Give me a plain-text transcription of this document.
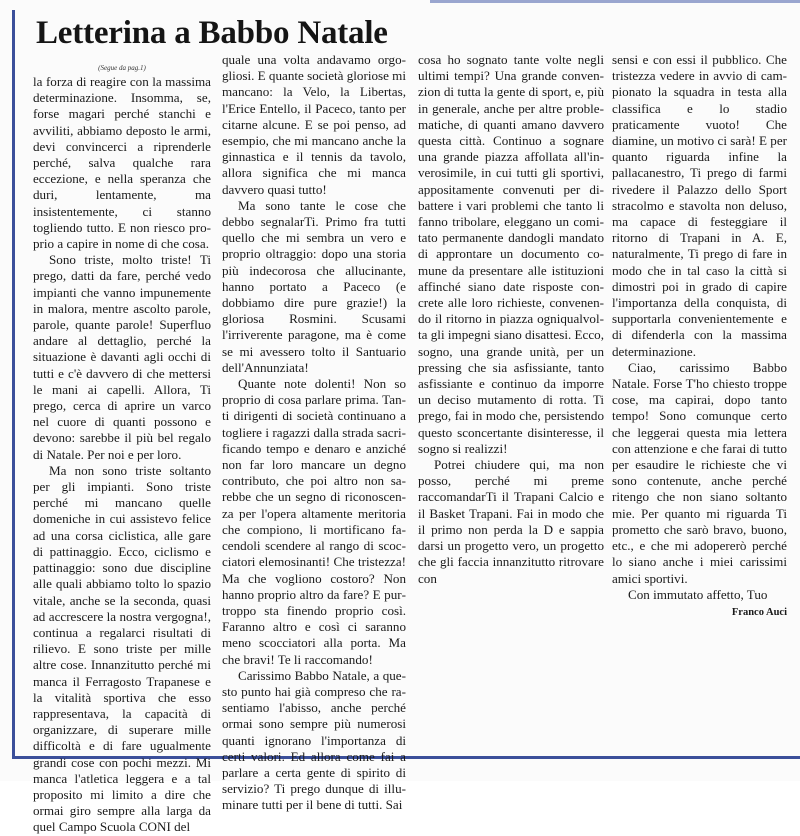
Letterina a Babbo Natale
(Segue da pag.1)

la forza di reagire con la massima determinazione. Insomma, se, forse magari perché stanchi e avviliti, abbiamo deposto le armi, devi convincerci a riprenderle perché, salva qualche rara eccezione, e nella speranza che duri, lentamente, ma insistentemente, ci stanno togliendo tutto. E non riesco proprio a capire in nome di che cosa.

Sono triste, molto triste! Ti prego, datti da fare, perché vedo impianti che vanno impunemente in malora, mentre ascolto parole, parole, quante parole! Superfluo andare al dettaglio, perché la situazione è davanti agli occhi di tutti e c'è davvero di che mettersi le mani ai capelli. Allora, Ti prego, cerca di aprire un varco nel cuore di quanti possono e devono: sarebbe il più bel regalo di Natale. Per noi e per loro.

Ma non sono triste soltanto per gli impianti. Sono triste perché mi mancano quelle domeniche in cui assistevo felice ad una corsa ciclistica, alle gare di pattinaggio. Ecco, ciclismo e pattinaggio: sono due discipline alle quali abbiamo tolto lo spazio vitale, anche se la seconda, quasi ad accrescere la nostra vergogna!, continua a regalarci risultati di rilievo. E sono triste per mille altre cose. Innanzitutto perché mi manca il Ferragosto Trapanese e la vitalità sportiva che esso rappresentava, la capacità di organizzare, di superare mille difficoltà e di fare ugualmente grandi cose con pochi mezzi. Mi manca l'atletica leggera e a tal proposito mi limito a dire che ormai giro sempre alla larga da quel Campo Scuola CONI del

quale una volta andavamo orgogliosi. E quante società gloriose mi mancano: la Velo, la Libertas, l'Erice Entello, il Paceco, tanto per citarne alcune. E se poi penso, ad esempio, che mi mancano anche la ginnastica e il tennis da tavolo, allora significa che mi manca davvero quasi tutto!

Ma sono tante le cose che debbo segnalarTi. Primo fra tutti quello che mi sembra un vero e proprio oltraggio: dopo una storia più indecorosa che allucinante, hanno portato a Paceco (e dobbiamo dire pure grazie!) la gloriosa Rosmini. Scusami l'irriverente paragone, ma è come se mi avessero tolto il Santuario dell'Annunziata!

Quante note dolenti! Non so proprio di cosa parlare prima. Tanti dirigenti di società continuano a togliere i ragazzi dalla strada sacrificando tempo e denaro e anziché non far loro mancare un degno contributo, che poi altro non sarebbe che un segno di riconoscenza per l'opera altamente meritoria che compiono, li mortificano facendoli scendere al rango di scocciatori elemosinanti! Che tristezza! Ma che vogliono costoro? Non hanno proprio altro da fare? E purtroppo sta finendo proprio così. Faranno altro e così ci saranno meno scocciatori alla porta. Ma che bravi! Te li raccomando!

Carissimo Babbo Natale, a questo punto hai già compreso che rasentiamo l'abisso, anche perché ormai sono sempre più numerosi quanti ignorano l'importanza di certi valori. Ed allora come fai a parlare a certa gente di spirito di servizio? Ti prego dunque di illuminare tutti per il bene di tutti. Sai

cosa ho sognato tante volte negli ultimi tempi? Una grande convenzion di tutta la gente di sport, e, più in generale, anche per altre problematiche, di quanti amano davvero questa città. Continuo a sognare una grande piazza affollata all'inverosimile, in cui tutti gli sportivi, appositamente convenuti per dibattere i vari problemi che tanto li fanno tribolare, eleggano un comitato permanente dandogli mandato di approntare un documento comune da presentare alle istituzioni affinché siano date risposte concrete alle loro richieste, convenendo il ritorno in piazza ogniqualvolta gli impegni siano disattesi. Ecco, sogno, una grande unità, per un pressing che sia asfissiante, tanto asfissiante e continuo da imporre un deciso mutamento di rotta. Ti prego, fai in modo che, persistendo questo sconcertante disinteresse, il sogno si realizzi!

Potrei chiudere qui, ma non posso, perché mi preme raccomandarTi il Trapani Calcio e il Basket Trapani. Fai in modo che il primo non perda la D e sappia darsi un progetto vero, un progetto che gli faccia innanzitutto ritrovare con

sensi e con essi il pubblico. Che tristezza vedere in avvio di campionato la squadra in testa alla classifica e lo stadio praticamente vuoto! Che diamine, un motivo ci sarà! E per quanto riguarda infine la pallacanestro, Ti prego di farmi rivedere il Palazzo dello Sport stracolmo e stavolta non deluso, ma capace di festeggiare il ritorno di Trapani in A. E, naturalmente, Ti prego di fare in modo che in tal caso la città si dimostri poi in grado di capire l'importanza della conquista, di supportarla convenientemente e di difenderla con la massima determinazione.

Ciao, carissimo Babbo Natale. Forse T'ho chiesto troppe cose, ma capirai, dopo tanto tempo! Sono comunque certo che leggerai questa mia lettera con attenzione e che farai di tutto per esaudire le richieste che vi sono contenute, anche perché ritengo che non siano soltanto mie. Per quanto mi riguarda Ti prometto che sarò bravo, buono, etc., e che mi adopererò perché lo siano anche i miei carissimi amici sportivi.

Con immutato affetto, Tuo

Franco Auci
